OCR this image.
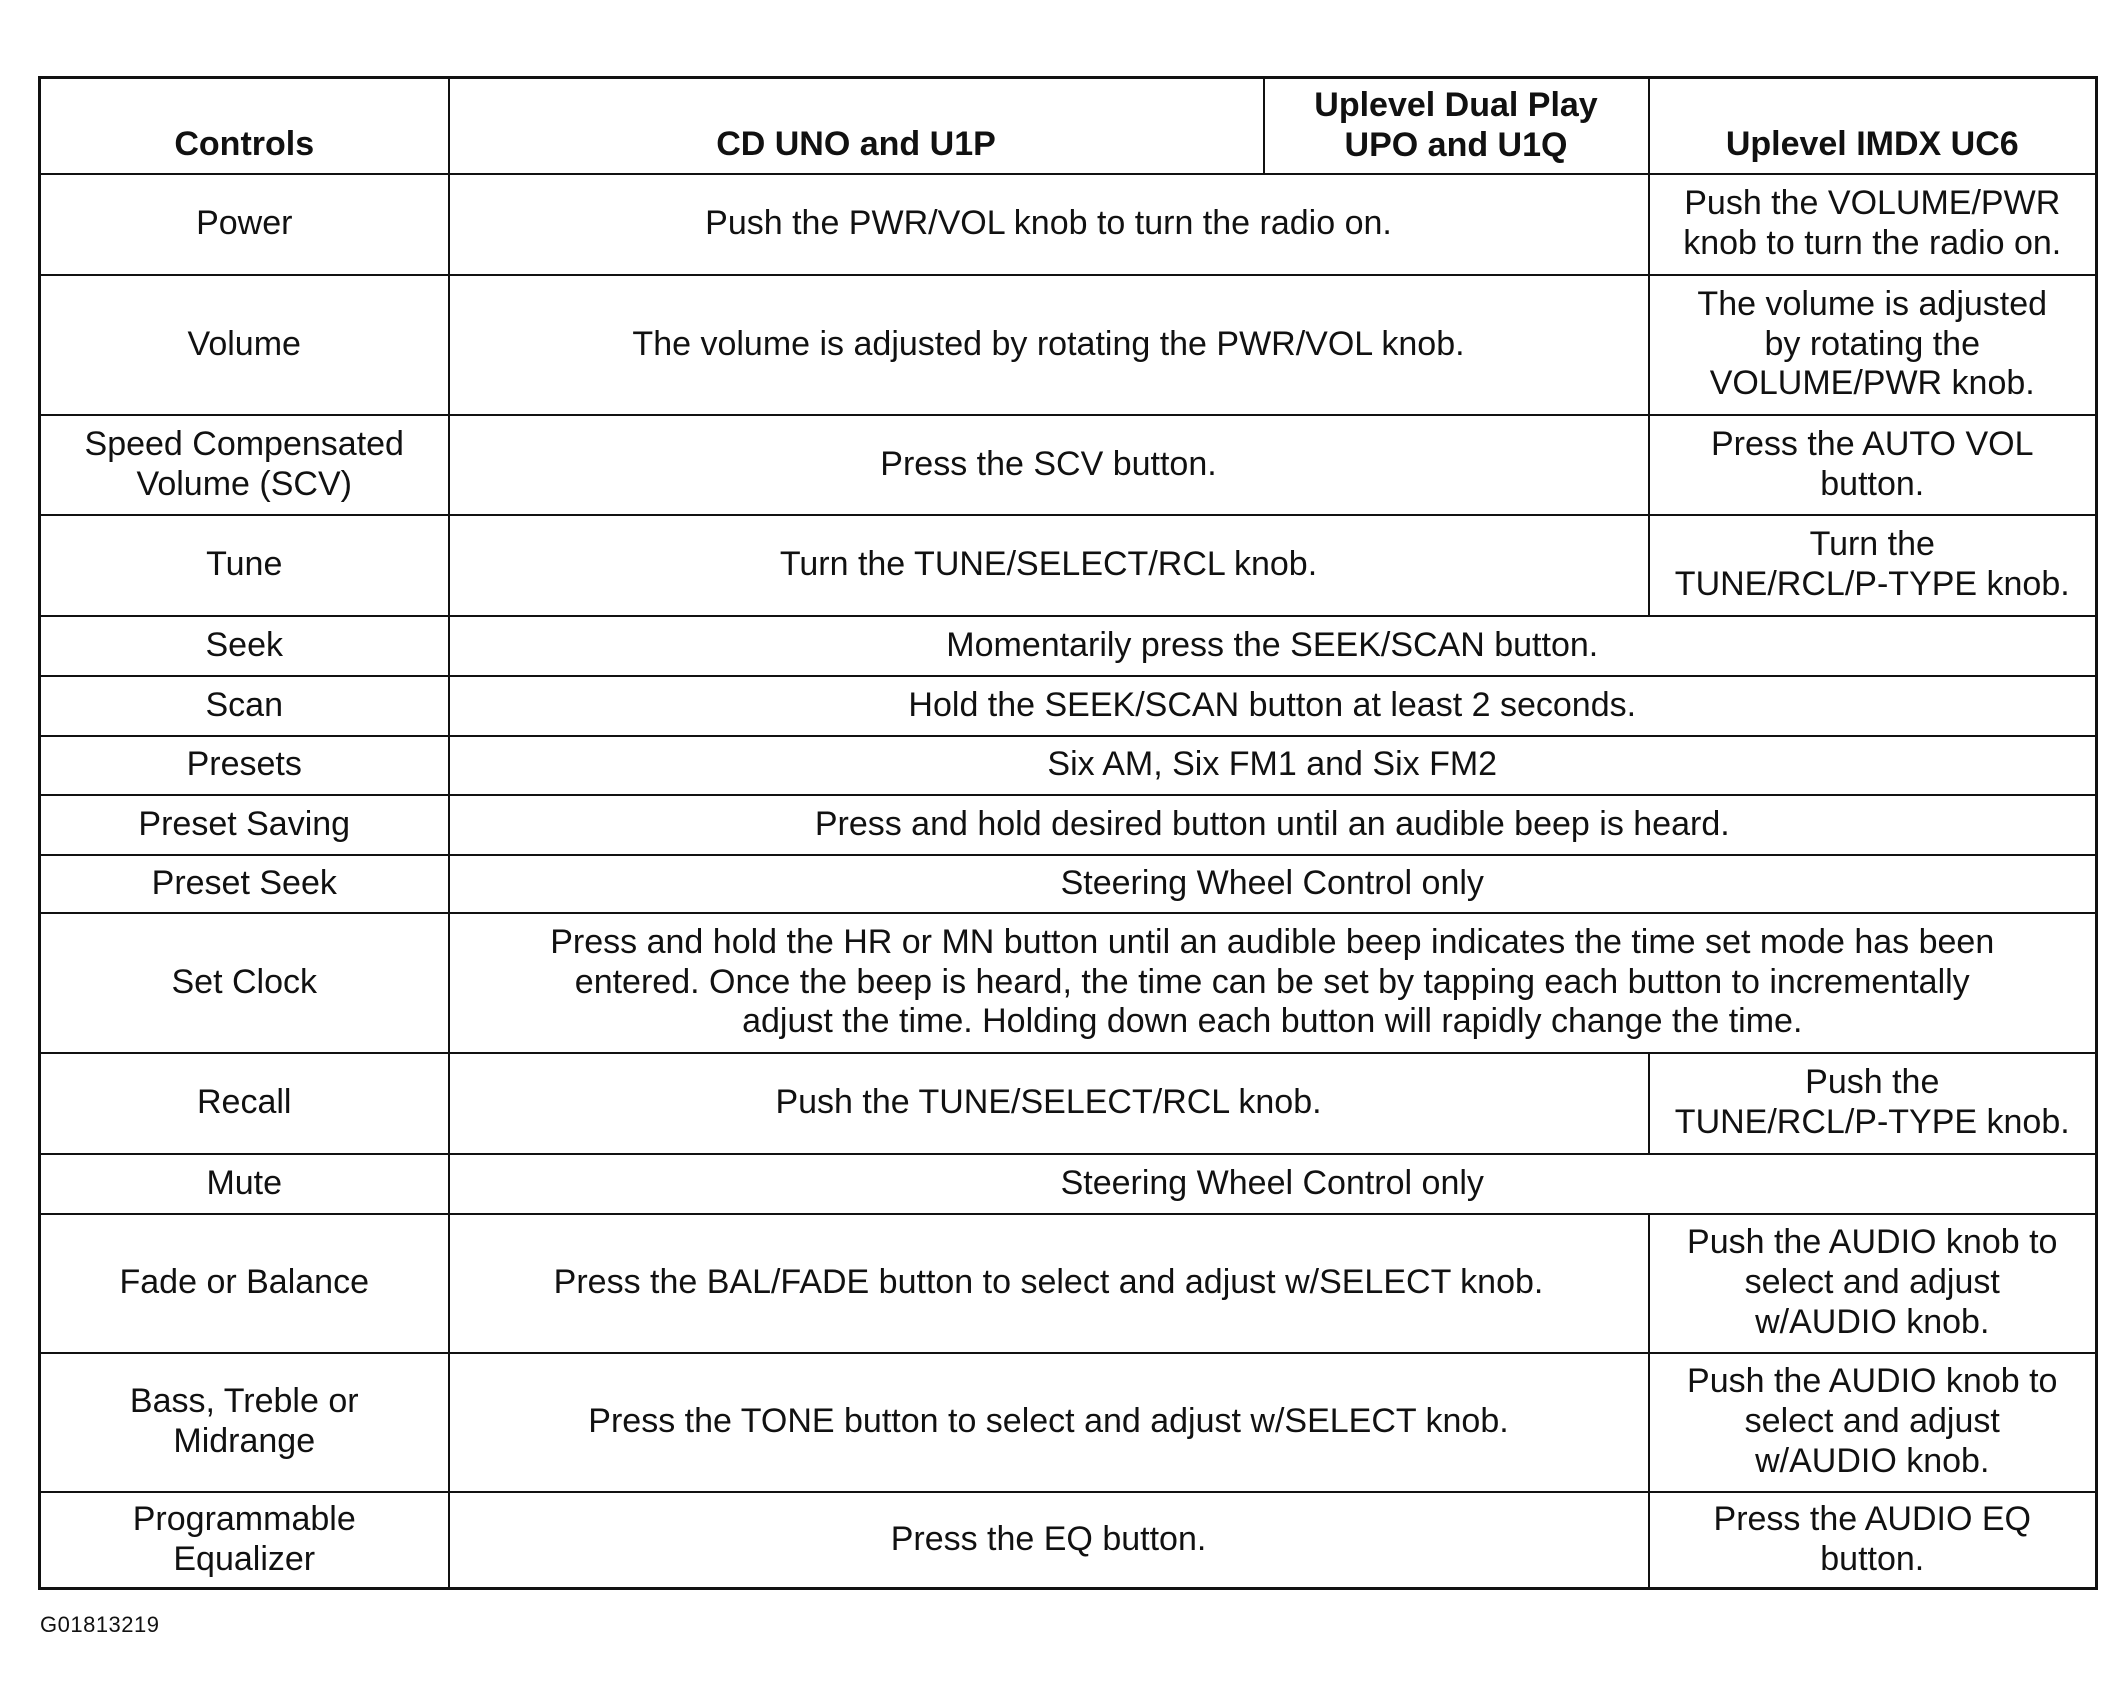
Controls	CD UNO and U1P	Uplevel Dual Play
UPO and U1Q	Uplevel IMDX UC6

Power	Push the PWR/VOL knob to turn the radio on.		Push the VOLUME/PWR
knob to turn the radio on.

Volume	The volume is adjusted by rotating the PWR/VOL knob.		The volume is adjusted
by rotating the
VOLUME/PWR knob.

Speed Compensated
Volume (SCV)	Press the SCV button.		Press the AUTO VOL
button.

Tune	Turn the TUNE/SELECT/RCL knob.		Turn the
TUNE/RCL/P-TYPE knob.

Seek	Momentarily press the SEEK/SCAN button.		

Scan	Hold the SEEK/SCAN button at least 2 seconds.		

Presets	Six AM, Six FM1 and Six FM2		

Preset Saving	Press and hold desired button until an audible beep is heard.		

Preset Seek	Steering Wheel Control only		

Set Clock	Press and hold the HR or MN button until an audible beep indicates the time set mode has been
entered. Once the beep is heard, the time can be set by tapping each button to incrementally
adjust the time. Holding down each button will rapidly change the time.		

Recall	Push the TUNE/SELECT/RCL knob.		Push the
TUNE/RCL/P-TYPE knob.

Mute	Steering Wheel Control only		

Fade or Balance	Press the BAL/FADE button to select and adjust w/SELECT knob.		Push the AUDIO knob to
select and adjust
w/AUDIO knob.

Bass, Treble or
Midrange	Press the TONE button to select and adjust w/SELECT knob.		Push the AUDIO knob to
select and adjust
w/AUDIO knob.

Programmable
Equalizer	Press the EQ button.		Press the AUDIO EQ
button.
G01813219
